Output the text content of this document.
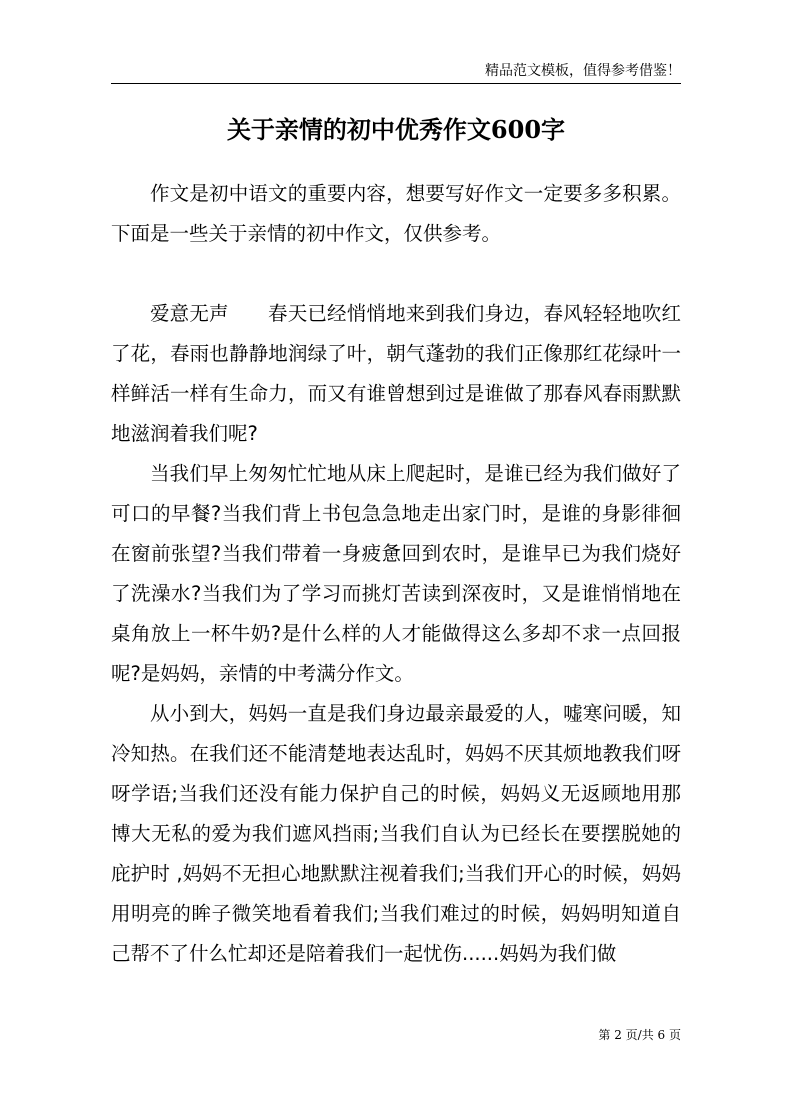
精品范文模板，值得参考借鉴！
关于亲情的初中优秀作文600字

作文是初中语文的重要内容，想要写好作文一定要多多积累。下面是一些关于亲情的初中作文，仅供参考。

爱意无声　　春天已经悄悄地来到我们身边，春风轻轻地吹红了花，春雨也静静地润绿了叶，朝气蓬勃的我们正像那红花绿叶一样鲜活一样有生命力，而又有谁曾想到过是谁做了那春风春雨默默地滋润着我们呢?

当我们早上匆匆忙忙地从床上爬起时，是谁已经为我们做好了可口的早餐?当我们背上书包急急地走出家门时，是谁的身影徘徊在窗前张望?当我们带着一身疲惫回到农时，是谁早已为我们烧好了洗澡水?当我们为了学习而挑灯苦读到深夜时，又是谁悄悄地在桌角放上一杯牛奶?是什么样的人才能做得这么多却不求一点回报呢?是妈妈，亲情的中考满分作文。

从小到大，妈妈一直是我们身边最亲最爱的人，嘘寒问暖，知冷知热。在我们还不能清楚地表达乱时，妈妈不厌其烦地教我们呀呀学语;当我们还没有能力保护自己的时候，妈妈义无返顾地用那博大无私的爱为我们遮风挡雨;当我们自认为已经长在要摆脱她的庇护时 ,妈妈不无担心地默默注视着我们;当我们开心的时候，妈妈用明亮的眸子微笑地看着我们;当我们难过的时候，妈妈明知道自己帮不了什么忙却还是陪着我们一起忧伤......妈妈为我们做

第 2 页/共 6 页
